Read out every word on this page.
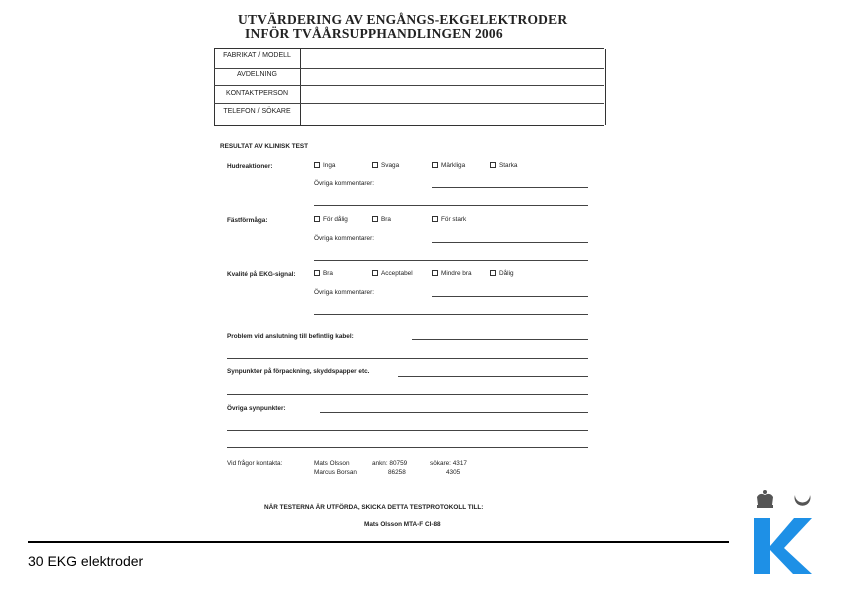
UTVÄRDERING AV ENGÅNGS-EKGELEKTRODER
INFÖR TVÅÅRSUPPHANDLINGEN 2006
FABRIKAT / MODELL
AVDELNING
KONTAKTPERSON
TELEFON / SÖKARE
RESULTAT AV KLINISK TEST
Hudreaktioner:	Inga	Svaga	Märkliga	Starka
Övriga kommentarer:
Fästförmåga:	För dålig	Bra	För stark
Övriga kommentarer:
Kvalité på EKG-signal:	Bra	Acceptabel	Mindre bra	Dålig
Övriga kommentarer:
Problem vid anslutning till befintlig kabel:
Synpunkter på förpackning, skyddspapper etc.
Övriga synpunkter:
Vid frågor kontakta:	Mats Olsson	ankn: 80759	sökare: 4317
Marcus Borsan	86258	4305
NÄR TESTERNA ÄR UTFÖRDA, SKICKA DETTA TESTPROTOKOLL TILL:
Mats Olsson MTA-F CI-88
30 EKG elektroder
